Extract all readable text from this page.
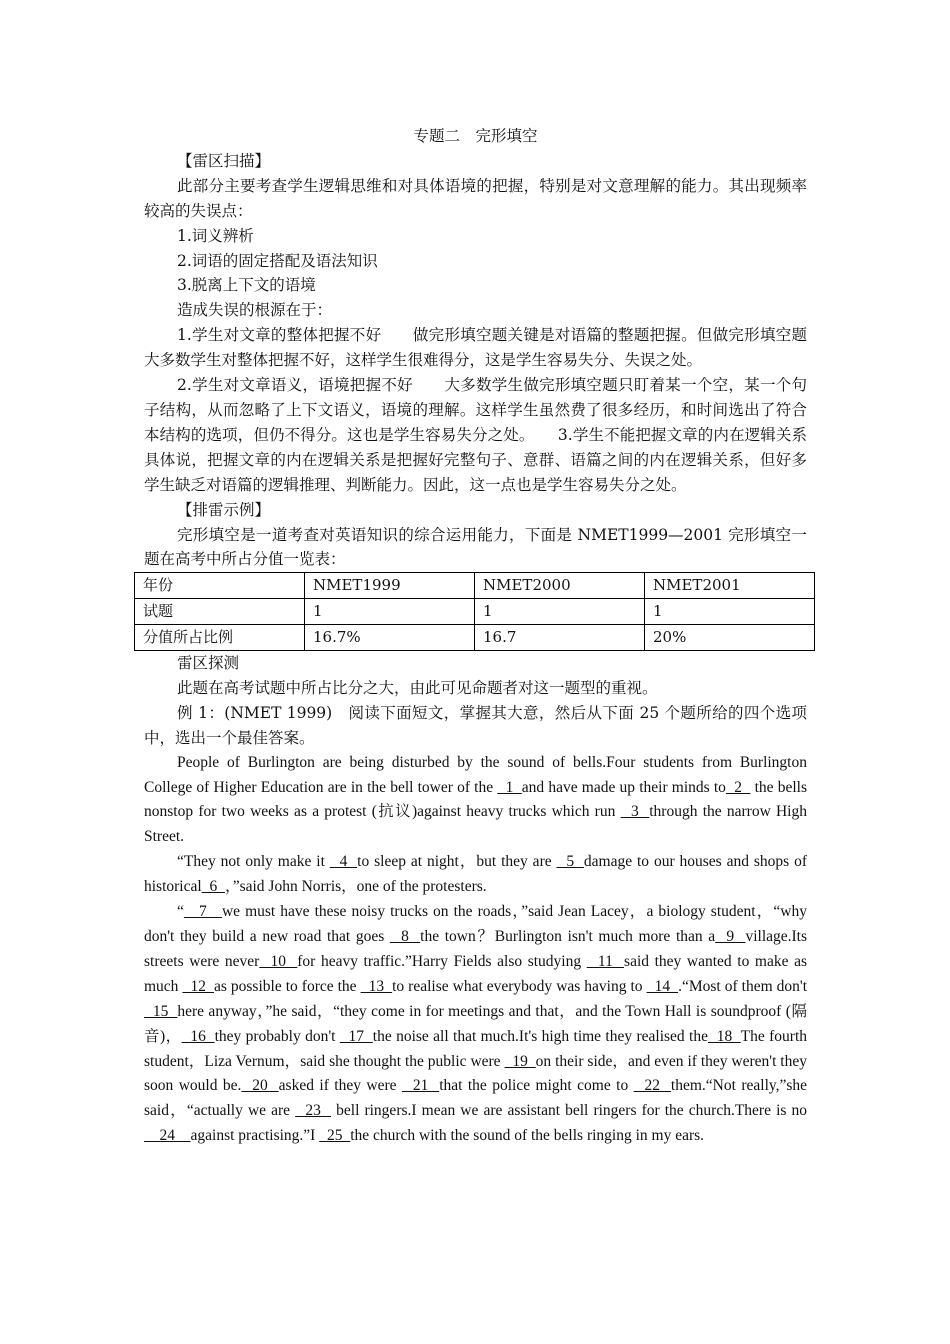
专题二　完形填空

【雷区扫描】

此部分主要考查学生逻辑思维和对具体语境的把握，特别是对文意理解的能力。其出现频率较高的失误点：

1.词义辨析

2.词语的固定搭配及语法知识

3.脱离上下文的语境

造成失误的根源在于：

1.学生对文章的整体把握不好　　做完形填空题关键是对语篇的整题把握。但做完形填空题大多数学生对整体把握不好，这样学生很难得分，这是学生容易失分、失误之处。

2.学生对文章语义，语境把握不好　　大多数学生做完形填空题只盯着某一个空，某一个句子结构，从而忽略了上下文语义，语境的理解。这样学生虽然费了很多经历，和时间选出了符合本结构的选项，但仍不得分。这也是学生容易失分之处。　　3.学生不能把握文章的内在逻辑关系　　具体说，把握文章的内在逻辑关系是把握好完整句子、意群、语篇之间的内在逻辑关系，但好多学生缺乏对语篇的逻辑推理、判断能力。因此，这一点也是学生容易失分之处。

【排雷示例】

完形填空是一道考查对英语知识的综合运用能力，下面是 NMET1999—2001 完形填空一题在高考中所占分值一览表：

年份	NMET1999	NMET2000	NMET2001
试题	1	1	1
分值所占比例	16.7%	16.7	20%

雷区探测

此题在高考试题中所占比分之大，由此可见命题者对这一题型的重视。

例 1：(NMET 1999)　阅读下面短文，掌握其大意，然后从下面 25 个题所给的四个选项中，选出一个最佳答案。

People of Burlington are being disturbed by the sound of bells.Four students from Burlington College of Higher Education are in the bell tower of the   1  and have made up their minds to  2   the bells nonstop for two weeks as a protest (抗议)against heavy trucks which run   3  through the narrow High Street.

“They not only make it   4  to sleep at night，but they are   5  damage to our houses and shops of historical  6  ，”said John Norris，one of the protesters.

“   7   we must have these noisy trucks on the roads，”said Jean Lacey，a biology student，“why don't they build a new road that goes   8  the town？Burlington isn't much more than a  9  village.Its streets were never  10  for heavy traffic.”Harry Fields also studying   11  said they wanted to make as much   12  as possible to force the   13  to realise what everybody was having to   14  .“Most of them don't  15  here anyway，”he said，“they come in for meetings and that，and the Town Hall is soundproof (隔音)，  16  they probably don't   17  the noise all that much.It's high time they realised the  18  The fourth student，Liza Vernum，said she thought the public were   19  on their side，and even if they weren't they soon would be.  20  asked if they were   21  that the police might come to   22  them.“Not really,”she said，“actually we are   23   bell ringers.I mean we are assistant bell ringers for the church.There is no     24    against practising.”I   25  the church with the sound of the bells ringing in my ears.
